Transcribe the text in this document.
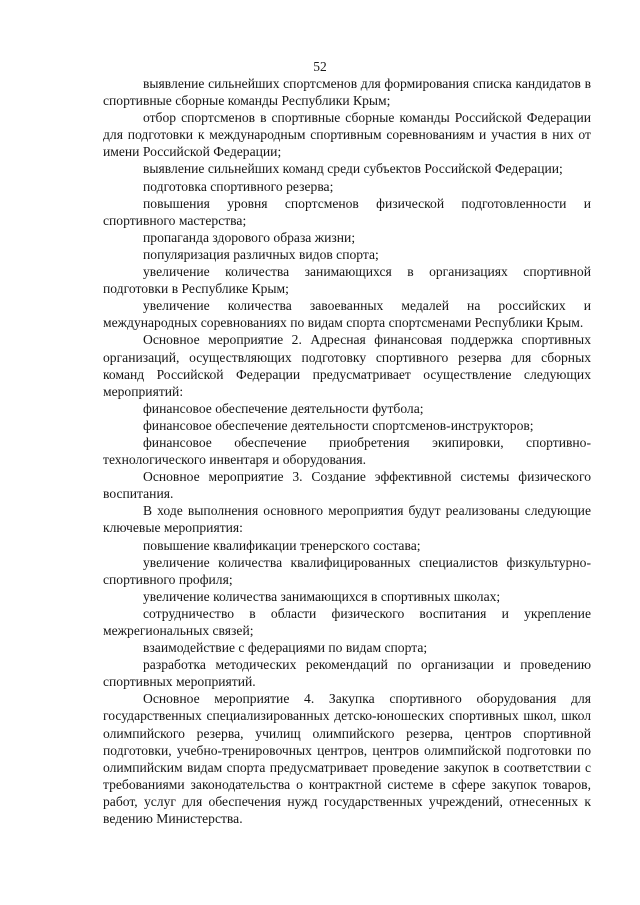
52

выявление сильнейших спортсменов для формирования списка кандидатов в спортивные сборные команды Республики Крым;

отбор спортсменов в спортивные сборные команды Российской Федерации для подготовки к международным спортивным соревнованиям и участия в них от имени Российской Федерации;

выявление сильнейших команд среди субъектов Российской Федерации;

подготовка спортивного резерва;

повышения уровня спортсменов физической подготовленности и спортивного мастерства;

пропаганда здорового образа жизни;

популяризация различных видов спорта;

увеличение количества занимающихся в организациях спортивной подготовки в Республике Крым;

увеличение количества завоеванных медалей на российских и международных соревнованиях по видам спорта спортсменами Республики Крым.

Основное мероприятие 2. Адресная финансовая поддержка спортивных организаций, осуществляющих подготовку спортивного резерва для сборных команд Российской Федерации предусматривает осуществление следующих мероприятий:

финансовое обеспечение деятельности футбола;

финансовое обеспечение деятельности спортсменов-инструкторов;

финансовое обеспечение приобретения экипировки, спортивно-технологического инвентаря и оборудования.

Основное мероприятие 3. Создание эффективной системы физического воспитания.

В ходе выполнения основного мероприятия будут реализованы следующие ключевые мероприятия:

повышение квалификации тренерского состава;

увеличение количества квалифицированных специалистов физкультурно- спортивного профиля;

увеличение количества занимающихся в спортивных школах;

сотрудничество в области физического воспитания и укрепление межрегиональных связей;

взаимодействие с федерациями по видам спорта;

разработка методических рекомендаций по организации и проведению спортивных мероприятий.

Основное мероприятие 4. Закупка спортивного оборудования для государственных специализированных детско-юношеских спортивных школ, школ олимпийского резерва, училищ олимпийского резерва, центров спортивной подготовки, учебно-тренировочных центров, центров олимпийской подготовки по олимпийским видам спорта предусматривает проведение закупок в соответствии с требованиями законодательства о контрактной системе в сфере закупок товаров, работ, услуг для обеспечения нужд государственных учреждений, отнесенных к ведению Министерства.
